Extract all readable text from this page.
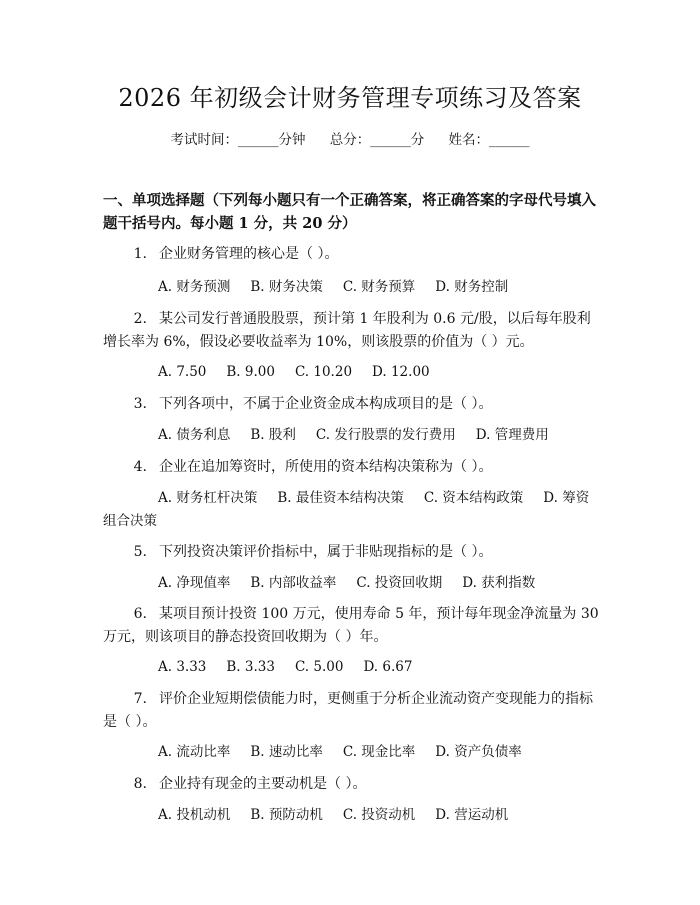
2026 年初级会计财务管理专项练习及答案
考试时间：______分钟 总分：______分 姓名：______
一、单项选择题（下列每小题只有一个正确答案，将正确答案的字母代号填入题干括号内。每小题 1 分，共 20 分）
1. 企业财务管理的核心是（ ）。
A. 财务预测 B. 财务决策 C. 财务预算 D. 财务控制
2. 某公司发行普通股股票，预计第 1 年股利为 0.6 元/股，以后每年股利增长率为 6%，假设必要收益率为 10%，则该股票的价值为（ ）元。
A. 7.50 B. 9.00 C. 10.20 D. 12.00
3. 下列各项中，不属于企业资金成本构成项目的是（ ）。
A. 债务利息 B. 股利 C. 发行股票的发行费用 D. 管理费用
4. 企业在追加筹资时，所使用的资本结构决策称为（ ）。
A. 财务杠杆决策 B. 最佳资本结构决策 C. 资本结构政策 D. 筹资组合决策
5. 下列投资决策评价指标中，属于非贴现指标的是（ ）。
A. 净现值率 B. 内部收益率 C. 投资回收期 D. 获利指数
6. 某项目预计投资 100 万元，使用寿命 5 年，预计每年现金净流量为 30 万元，则该项目的静态投资回收期为（ ）年。
A. 3.33 B. 3.33 C. 5.00 D. 6.67
7. 评价企业短期偿债能力时，更侧重于分析企业流动资产变现能力的指标是（ ）。
A. 流动比率 B. 速动比率 C. 现金比率 D. 资产负债率
8. 企业持有现金的主要动机是（ ）。
A. 投机动机 B. 预防动机 C. 投资动机 D. 营运动机
